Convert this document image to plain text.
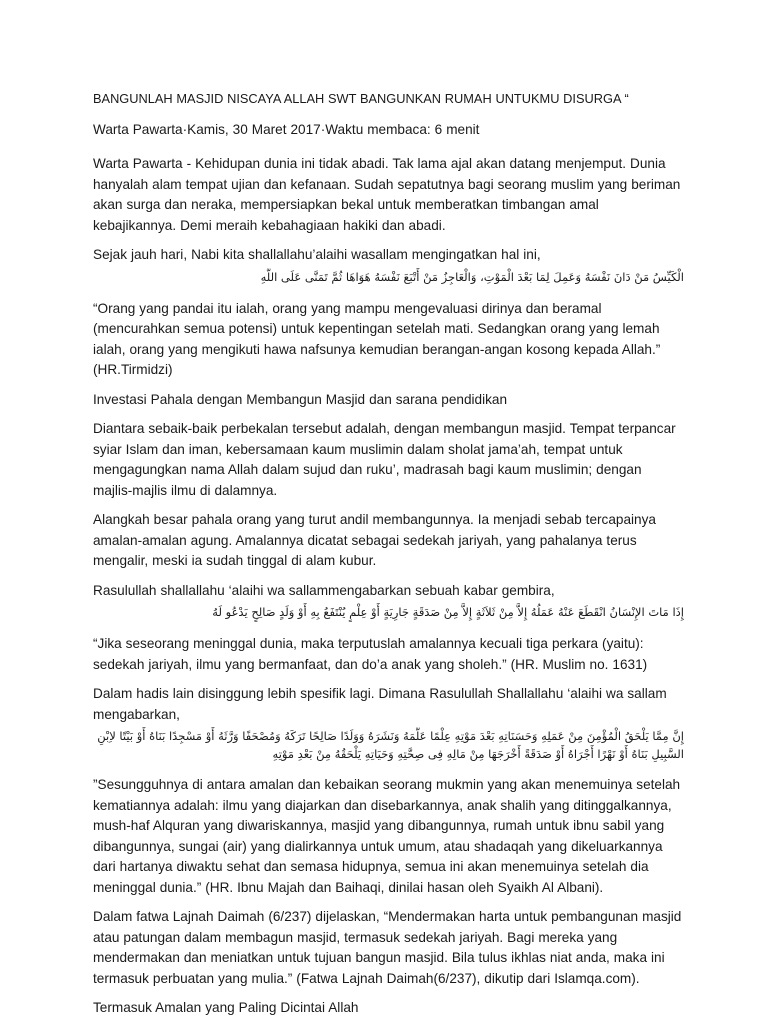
BANGUNLAH MASJID NISCAYA ALLAH SWT BANGUNKAN RUMAH UNTUKMU DISURGA “

Warta Pawarta·Kamis, 30 Maret 2017·Waktu membaca: 6 menit

Warta Pawarta - Kehidupan dunia ini tidak abadi. Tak lama ajal akan datang menjemput. Dunia hanyalah alam tempat ujian dan kefanaan. Sudah sepatutnya bagi seorang muslim yang beriman akan surga dan neraka, mempersiapkan bekal untuk memberatkan timbangan amal kebajikannya. Demi meraih kebahagiaan hakiki dan abadi.

Sejak jauh hari, Nabi kita shallallahu’alaihi wasallam mengingatkan hal ini,

الْكَيِّسُ مَنْ دَانَ نَفْسَهُ وَعَمِلَ لِمَا بَعْدَ الْمَوْتِ، وَالْعَاجِزُ مَنْ أَتْبَعَ نَفْسَهُ هَوَاهَا ثُمَّ تَمَنَّى عَلَى اللَّهِ

“Orang yang pandai itu ialah, orang yang mampu mengevaluasi dirinya dan beramal (mencurahkan semua potensi) untuk kepentingan setelah mati. Sedangkan orang yang lemah ialah, orang yang mengikuti hawa nafsunya kemudian berangan-angan kosong kepada Allah.” (HR.Tirmidzi)

Investasi Pahala dengan Membangun Masjid dan sarana pendidikan

Diantara sebaik-baik perbekalan tersebut adalah, dengan membangun masjid. Tempat terpancar syiar Islam dan iman, kebersamaan kaum muslimin dalam sholat jama’ah, tempat untuk mengagungkan nama Allah dalam sujud dan ruku’, madrasah bagi kaum muslimin; dengan majlis-majlis ilmu di dalamnya.

Alangkah besar pahala orang yang turut andil membangunnya. Ia menjadi sebab tercapainya amalan-amalan agung. Amalannya dicatat sebagai sedekah jariyah, yang pahalanya terus mengalir, meski ia sudah tinggal di alam kubur.

Rasulullah shallallahu ‘alaihi wa sallammengabarkan sebuah kabar gembira,

إِذَا مَاتَ الإِنْسَانُ انْقَطَعَ عَنْهُ عَمَلُهُ إِلاَّ مِنْ ثَلاَثَةٍ إِلاَّ مِنْ صَدَقَةٍ جَارِيَةٍ أَوْ عِلْمٍ يُنْتَفَعُ بِهِ أَوْ وَلَدٍ صَالِحٍ يَدْعُو لَهُ

“Jika seseorang meninggal dunia, maka terputuslah amalannya kecuali tiga perkara (yaitu): sedekah jariyah, ilmu yang bermanfaat, dan do’a anak yang sholeh.” (HR. Muslim no. 1631)

Dalam hadis lain disinggung lebih spesifik lagi. Dimana Rasulullah Shallallahu ‘alaihi wa sallam mengabarkan,

إِنَّ مِمَّا يَلْحَقُ الْمُؤْمِنَ مِنْ عَمَلِهِ وَحَسَنَاتِهِ بَعْدَ مَوْتِهِ عِلْمًا عَلَّمَهُ وَنَشَرَهُ وَوَلَدًا صَالِحًا تَرَكَهُ وَمُصْحَفًا وَرَّثَهُ أَوْ مَسْجِدًا بَنَاهُ أَوْ بَيْتًا لاِبْنِ السَّبِيلِ بَنَاهُ أَوْ نَهْرًا أَجْرَاهُ أَوْ صَدَقَةً أَخْرَجَهَا مِنْ مَالِهِ فِى صِحَّتِهِ وَحَيَاتِهِ يَلْحَقُهُ مِنْ بَعْدِ مَوْتِهِ

”Sesungguhnya di antara amalan dan kebaikan seorang mukmin yang akan menemuinya setelah kematiannya adalah: ilmu yang diajarkan dan disebarkannya, anak shalih yang ditinggalkannya, mush-haf Alquran yang diwariskannya, masjid yang dibangunnya, rumah untuk ibnu sabil yang dibangunnya, sungai (air) yang dialirkannya untuk umum, atau shadaqah yang dikeluarkannya dari hartanya diwaktu sehat dan semasa hidupnya, semua ini akan menemuinya setelah dia meninggal dunia.” (HR. Ibnu Majah dan Baihaqi, dinilai hasan oleh Syaikh Al Albani).

Dalam fatwa Lajnah Daimah (6/237) dijelaskan, “Mendermakan harta untuk pembangunan masjid atau patungan dalam membagun masjid, termasuk sedekah jariyah. Bagi mereka yang mendermakan dan meniatkan untuk tujuan bangun masjid. Bila tulus ikhlas niat anda, maka ini termasuk perbuatan yang mulia.” (Fatwa Lajnah Daimah(6/237), dikutip dari Islamqa.com).

Termasuk Amalan yang Paling Dicintai Allah
